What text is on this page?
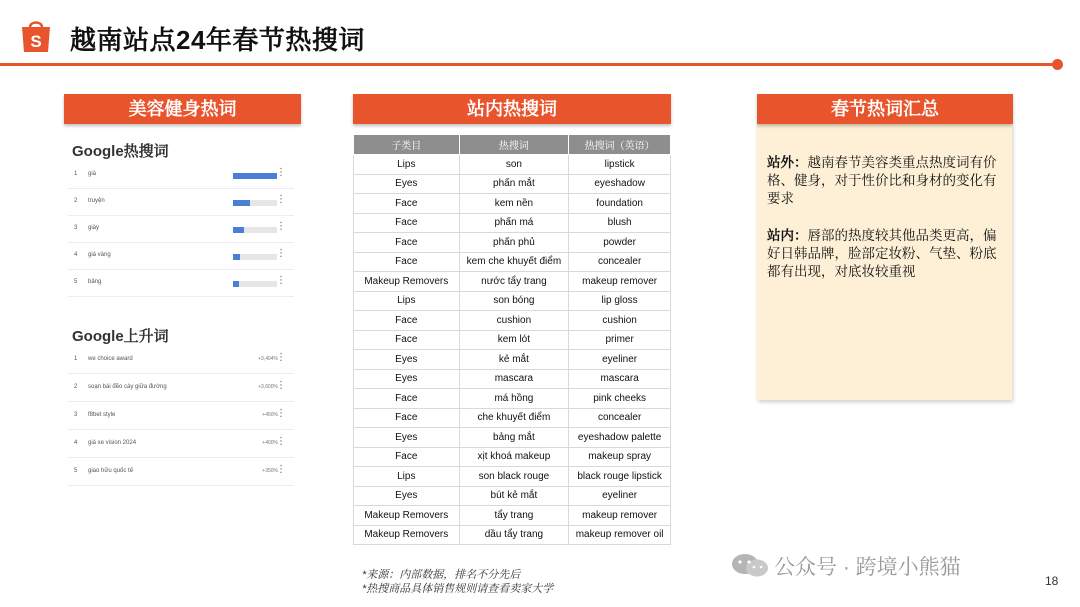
S 越南站点24年春节热搜词
美容健身热词
Google热搜词
1 giá	⋮
2 truyện	⋮
3 giày	⋮
4 giá vàng	⋮
5 bảng	⋮
Google上升词
1 we choice award	+3,404%
⋮
2 soạn bài đẽo cày giữa đường	+3,600%
⋮
3 f8bet style	+450%
⋮
4 giá xe vision 2024	+400%
⋮
5 giao hữu quốc tế	+350%
⋮
站内热搜词
子类目	热搜词	热搜词（英语）
Lips	son	lipstick
Eyes	phấn mắt	eyeshadow
Face	kem nền	foundation
Face	phấn má	blush
Face	phấn phủ	powder
Face	kem che khuyết điểm	concealer
Makeup Removers	nước tẩy trang	makeup remover
Lips	son bóng	lip gloss
Face	cushion	cushion
Face	kem lót	primer
Eyes	kẻ mắt	eyeliner
Eyes	mascara	mascara
Face	má hồng	pink cheeks
Face	che khuyết điểm	concealer
Eyes	bảng mắt	eyeshadow palette
Face	xịt khoá makeup	makeup spray
Lips	son black rouge	black rouge lipstick
Eyes	bút kẻ mắt	eyeliner
Makeup Removers	tẩy trang	makeup remover
Makeup Removers	dầu tẩy trang	makeup remover oil
*来源：内部数据，排名不分先后
*热搜商品具体销售规则请查看卖家大学
春节热词汇总
站外：越南春节美容类重点热度词有价格、健身，对于性价比和身材的变化有要求
站内：唇部的热度较其他品类更高，偏好日韩品牌，脸部定妆粉、气垫、粉底都有出现，对底妆较重视
公众号 · 跨境小熊猫
18
